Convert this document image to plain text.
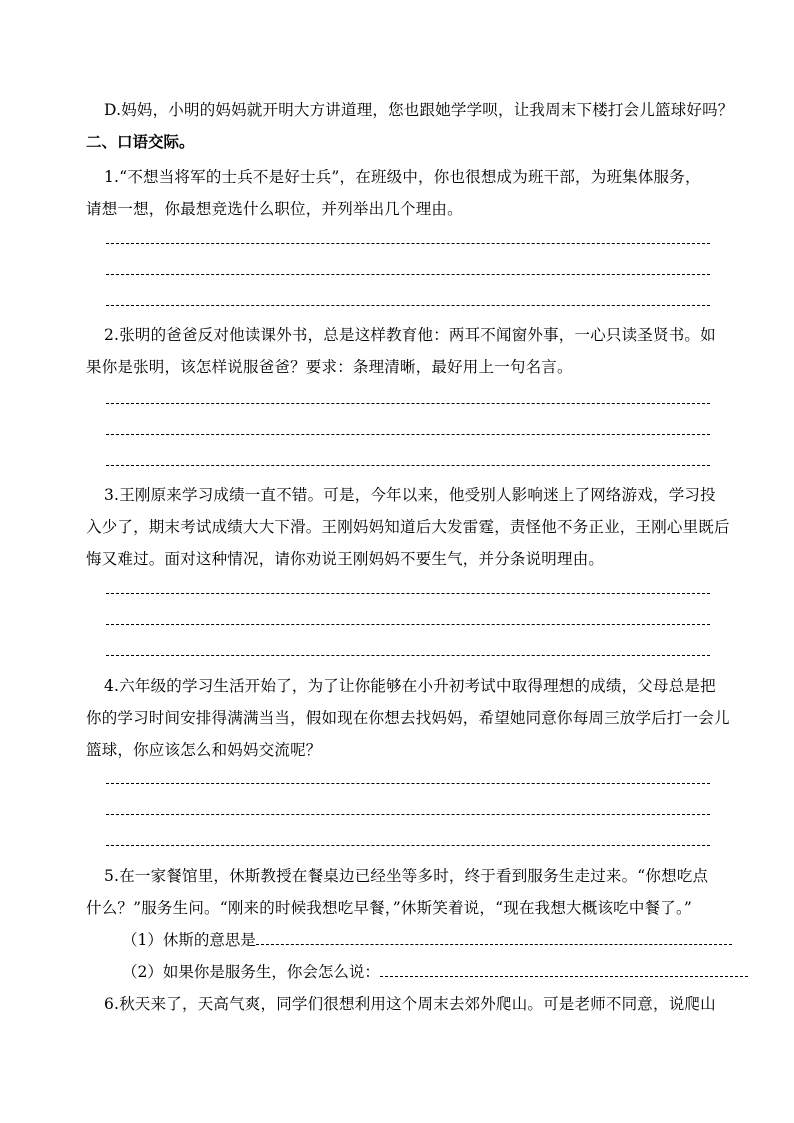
D.妈妈，小明的妈妈就开明大方讲道理，您也跟她学学呗，让我周末下楼打会儿篮球好吗？
二、口语交际。
1.“不想当将军的士兵不是好士兵”，在班级中，你也很想成为班干部，为班集体服务，
请想一想，你最想竞选什么职位，并列举出几个理由。
2.张明的爸爸反对他读课外书，总是这样教育他：两耳不闻窗外事，一心只读圣贤书。如
果你是张明，该怎样说服爸爸？要求：条理清晰，最好用上一句名言。
3.王刚原来学习成绩一直不错。可是，今年以来，他受别人影响迷上了网络游戏，学习投
入少了，期末考试成绩大大下滑。王刚妈妈知道后大发雷霆，责怪他不务正业，王刚心里既后
悔又难过。面对这种情况，请你劝说王刚妈妈不要生气，并分条说明理由。
4.六年级的学习生活开始了，为了让你能够在小升初考试中取得理想的成绩，父母总是把
你的学习时间安排得满满当当，假如现在你想去找妈妈，希望她同意你每周三放学后打一会儿
篮球，你应该怎么和妈妈交流呢？
5.在一家餐馆里，休斯教授在餐桌边已经坐等多时，终于看到服务生走过来。“你想吃点
什么？”服务生问。“刚来的时候我想吃早餐，”休斯笑着说，“现在我想大概该吃中餐了。”
（1）休斯的意思是
（2）如果你是服务生，你会怎么说：
6.秋天来了，天高气爽，同学们很想利用这个周末去郊外爬山。可是老师不同意，说爬山
